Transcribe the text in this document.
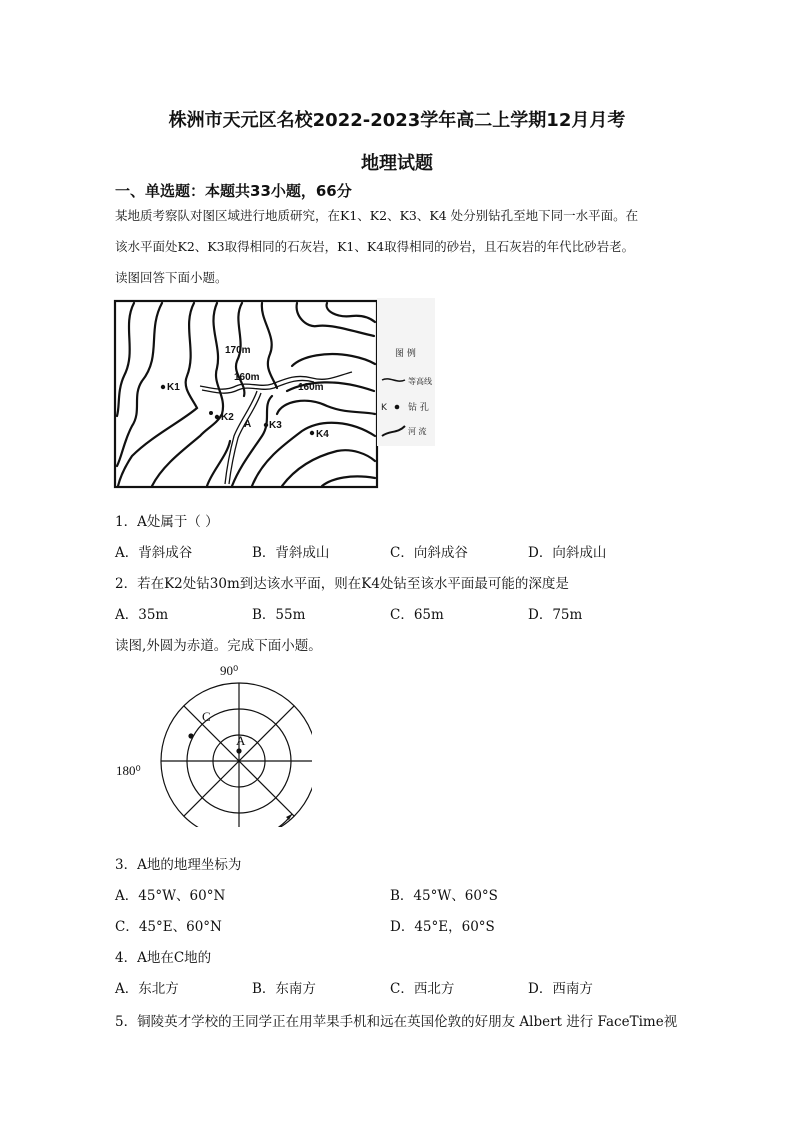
株洲市天元区名校2022-2023学年高二上学期12月月考
地理试题
一、单选题：本题共33小题，66分
某地质考察队对图区域进行地质研究，在K1、K2、K3、K4 处分别钻孔至地下同一水平面。在
该水平面处K2、K3取得相同的石灰岩，K1、K4取得相同的砂岩，且石灰岩的年代比砂岩老。
读图回答下面小题。
170m
160m
160m
K1
K2
A K3
K4
图 例
等高线
K 钻 孔
河 流
1．A处属于（ ）
A．背斜成谷	B．背斜成山	C．向斜成谷	D．向斜成山
2．若在K2处钻30m到达该水平面，则在K4处钻至该水平面最可能的深度是
A．35m	B．55m	C．65m	D．75m
读图,外圆为赤道。完成下面小题。
90⁰
180⁰
C
A
3．A地的地理坐标为
A．45°W、60°N	B．45°W、60°S
C．45°E、60°N	D．45°E，60°S
4．A地在C地的
A．东北方	B．东南方	C．西北方	D．西南方
5．铜陵英才学校的王同学正在用苹果手机和远在英国伦敦的好朋友 Albert 进行 FaceTime视
